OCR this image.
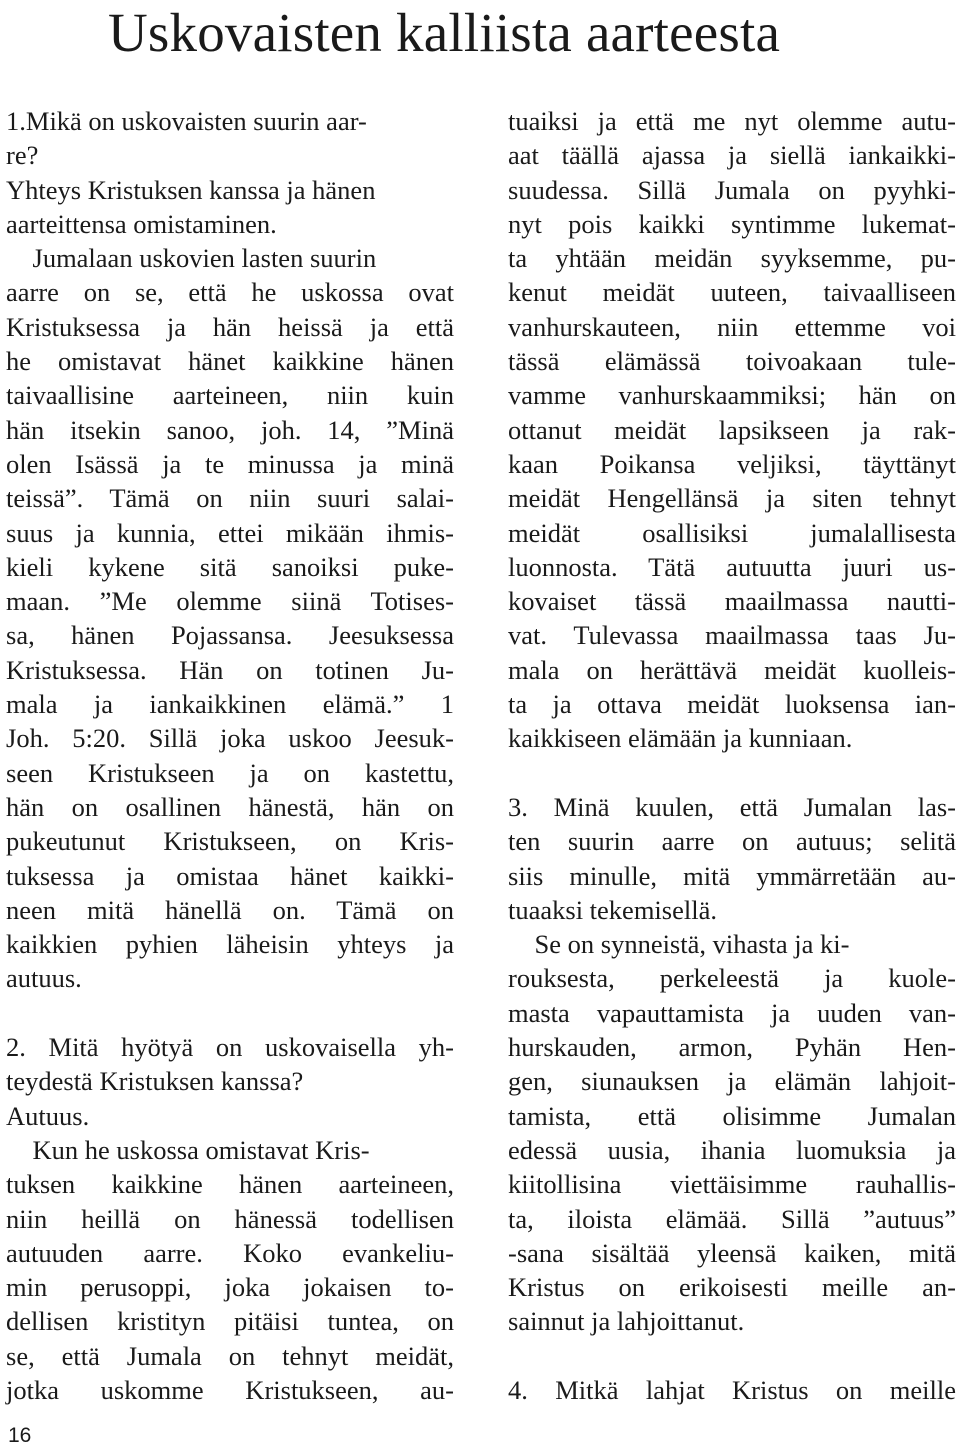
Uskovaisten kalliista aarteesta
1.Mikä on uskovaisten suurin aar-
re?
Yhteys Kristuksen kanssa ja hänen
aarteittensa omistaminen.
Jumalaan uskovien lasten suurin
aarre on se, että he uskossa ovat
Kristuksessa ja hän heissä ja että
he omistavat hänet kaikkine hänen
taivaallisine aarteineen, niin kuin
hän itsekin sanoo, joh. 14, ”Minä
olen Isässä ja te minussa ja minä
teissä”. Tämä on niin suuri salai-
suus ja kunnia, ettei mikään ihmis-
kieli kykene sitä sanoiksi puke-
maan. ”Me olemme siinä Totises-
sa, hänen Pojassansa. Jeesuksessa
Kristuksessa. Hän on totinen Ju-
mala ja iankaikkinen elämä.” 1
Joh. 5:20. Sillä joka uskoo Jeesuk-
seen Kristukseen ja on kastettu,
hän on osallinen hänestä, hän on
pukeutunut Kristukseen, on Kris-
tuksessa ja omistaa hänet kaikki-
neen mitä hänellä on. Tämä on
kaikkien pyhien läheisin yhteys ja
autuus.
2. Mitä hyötyä on uskovaisella yh-
teydestä Kristuksen kanssa?
Autuus.
Kun he uskossa omistavat Kris-
tuksen kaikkine hänen aarteineen,
niin heillä on hänessä todellisen
autuuden aarre. Koko evankeliu-
min perusoppi, joka jokaisen to-
dellisen kristityn pitäisi tuntea, on
se, että Jumala on tehnyt meidät,
jotka uskomme Kristukseen, au-
tuaiksi ja että me nyt olemme autu-
aat täällä ajassa ja siellä iankaikki-
suudessa. Sillä Jumala on pyyhki-
nyt pois kaikki syntimme lukemat-
ta yhtään meidän syyksemme, pu-
kenut meidät uuteen, taivaalliseen
vanhurskauteen, niin ettemme voi
tässä elämässä toivoakaan tule-
vamme vanhurskaammiksi; hän on
ottanut meidät lapsikseen ja rak-
kaan Poikansa veljiksi, täyttänyt
meidät Hengellänsä ja siten tehnyt
meidät osallisiksi jumalallisesta
luonnosta. Tätä autuutta juuri us-
kovaiset tässä maailmassa nautti-
vat. Tulevassa maailmassa taas Ju-
mala on herättävä meidät kuolleis-
ta ja ottava meidät luoksensa ian-
kaikkiseen elämään ja kunniaan.
3. Minä kuulen, että Jumalan las-
ten suurin aarre on autuus; selitä
siis minulle, mitä ymmärretään au-
tuaaksi tekemisellä.
Se on synneistä, vihasta ja ki-
rouksesta, perkeleestä ja kuole-
masta vapauttamista ja uuden van-
hurskauden, armon, Pyhän Hen-
gen, siunauksen ja elämän lahjoit-
tamista, että olisimme Jumalan
edessä uusia, ihania luomuksia ja
kiitollisina viettäisimme rauhallis-
ta, iloista elämää. Sillä ”autuus”
-sana sisältää yleensä kaiken, mitä
Kristus on erikoisesti meille an-
sainnut ja lahjoittanut.
4. Mitkä lahjat Kristus on meille
16
